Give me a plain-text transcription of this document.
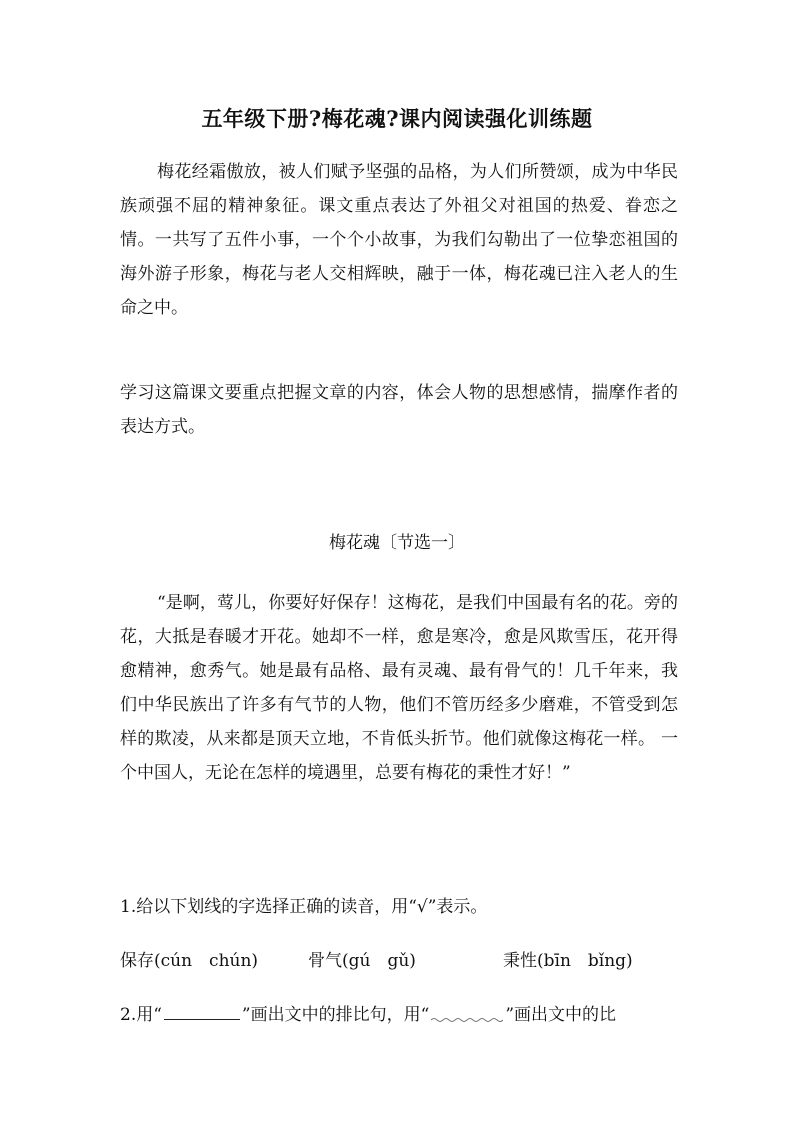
五年级下册?梅花魂?课内阅读强化训练题

梅花经霜傲放，被人们赋予坚强的品格，为人们所赞颂，成为中华民族顽强不屈的精神象征。课文重点表达了外祖父对祖国的热爱、眷恋之情。一共写了五件小事，一个个小故事，为我们勾勒出了一位挚恋祖国的海外游子形象，梅花与老人交相辉映，融于一体，梅花魂已注入老人的生命之中。

学习这篇课文要重点把握文章的内容，体会人物的思想感情，揣摩作者的表达方式。

梅花魂〔节选一〕

“是啊，莺儿，你要好好保存！这梅花，是我们中国最有名的花。旁的花，大抵是春暖才开花。她却不一样，愈是寒冷，愈是风欺雪压，花开得愈精神，愈秀气。她是最有品格、最有灵魂、最有骨气的！几千年来，我们中华民族出了许多有气节的人物，他们不管历经多少磨难，不管受到怎样的欺凌，从来都是顶天立地，不肯低头折节。他们就像这梅花一样。 一个中国人，无论在怎样的境遇里，总要有梅花的秉性才好！”

1.给以下划线的字选择正确的读音，用“√”表示。
保存(cún　chún)	骨气(gú　gǔ)	秉性(bīn　bǐng)
2.用“	”画出文中的排比句，用“	”画出文中的比
